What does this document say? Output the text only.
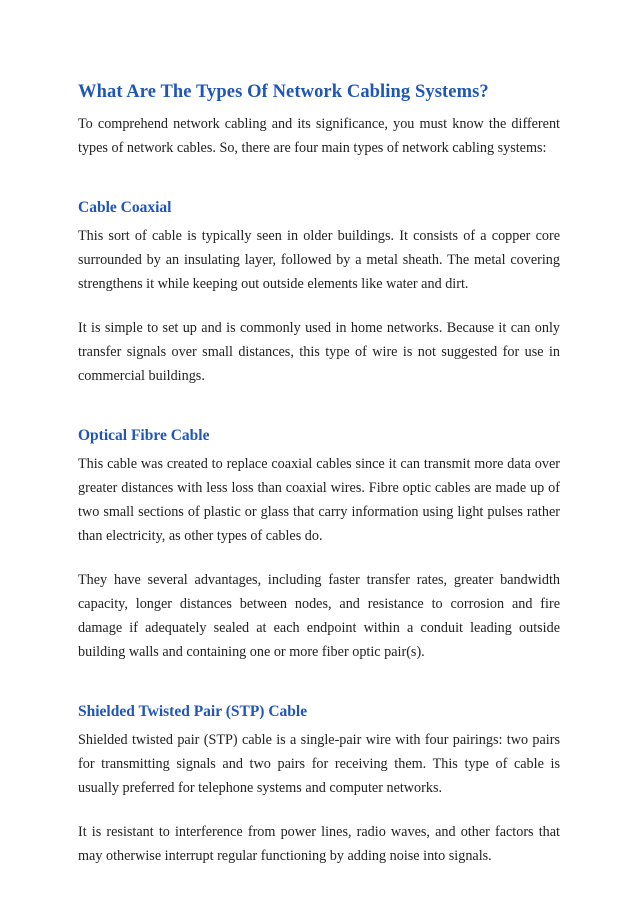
What Are The Types Of Network Cabling Systems?

To comprehend network cabling and its significance, you must know the different types of network cables. So, there are four main types of network cabling systems:

Cable Coaxial

This sort of cable is typically seen in older buildings. It consists of a copper core surrounded by an insulating layer, followed by a metal sheath. The metal covering strengthens it while keeping out outside elements like water and dirt.

It is simple to set up and is commonly used in home networks. Because it can only transfer signals over small distances, this type of wire is not suggested for use in commercial buildings.

Optical Fibre Cable

This cable was created to replace coaxial cables since it can transmit more data over greater distances with less loss than coaxial wires. Fibre optic cables are made up of two small sections of plastic or glass that carry information using light pulses rather than electricity, as other types of cables do.

They have several advantages, including faster transfer rates, greater bandwidth capacity, longer distances between nodes, and resistance to corrosion and fire damage if adequately sealed at each endpoint within a conduit leading outside building walls and containing one or more fiber optic pair(s).

Shielded Twisted Pair (STP) Cable

Shielded twisted pair (STP) cable is a single-pair wire with four pairings: two pairs for transmitting signals and two pairs for receiving them. This type of cable is usually preferred for telephone systems and computer networks.

It is resistant to interference from power lines, radio waves, and other factors that may otherwise interrupt regular functioning by adding noise into signals.
